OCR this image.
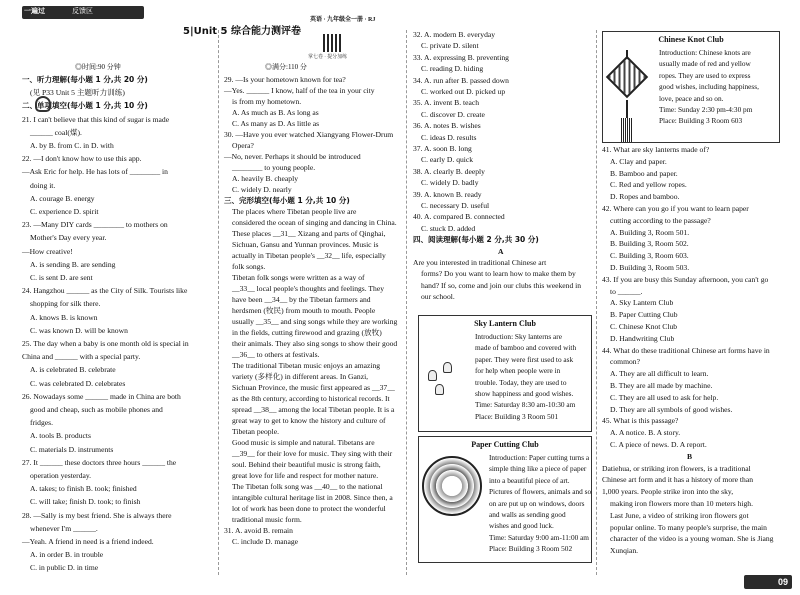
一遍过	反馈区
英语 · 九年级全一册 · RJ
5|Unit 5 综合能力测评卷
掌七卷 · 提分加练
◎时间:90 分钟	◎满分:110 分
一、听力理解(每小题 1 分,共 20 分)
(见 P33 Unit 5 主题听力训练)
二、单项填空(每小题 1 分,共 10 分)
21. I can't believe that this kind of sugar is made
______ coal(煤).
A. by B. from C. in D. with
22. —I don't know how to use this app.
—Ask Eric for help. He has lots of ________ in
doing it.
A. courage B. energy
C. experience D. spirit
23. —Many DIY cards ________ to mothers on
Mother's Day every year.
—How creative!
A. is sending B. are sending
C. is sent D. are sent
24. Hangzhou ______ as the City of Silk. Tourists like
shopping for silk there.
A. knows B. is known
C. was known D. will be known
25. The day when a baby is one month old is special in
China and ______ with a special party.
A. is celebrated B. celebrate
C. was celebrated D. celebrates
26. Nowadays some ______ made in China are both
good and cheap, such as mobile phones and
fridges.
A. tools B. products
C. materials D. instruments
27. It ______ these doctors three hours ______ the
operation yesterday.
A. takes; to finish B. took; finished
C. will take; finish D. took; to finish
28. —Sally is my best friend. She is always there
whenever I'm ______.
—Yeah. A friend in need is a friend indeed.
A. in order B. in trouble
C. in public D. in time
29. —Is your hometown known for tea?
—Yes. ______ I know, half of the tea in your city
is from my hometown.
A. As much as B. As long as
C. As many as D. As little as
30. —Have you ever watched Xiangyang Flower-Drum
Opera?
—No, never. Perhaps it should be introduced
________ to young people.
A. heavily B. cheaply
C. widely D. nearly
三、完形填空(每小题 1 分,共 10 分)
The places where Tibetan people live are
considered the ocean of singing and dancing in China.
These places __31__ Xizang and parts of Qinghai,
Sichuan, Gansu and Yunnan provinces. Music is
actually in Tibetan people's __32__ life, especially
folk songs.
Tibetan folk songs were written as a way of
__33__ local people's thoughts and feelings. They
have been __34__ by the Tibetan farmers and
herdsmen (牧民) from mouth to mouth. People
usually __35__ and sing songs while they are working
in the fields, cutting firewood and grazing (放牧)
their animals. They also sing songs to show their good
__36__ to others at festivals.
The traditional Tibetan music enjoys an amazing
variety (多样化) in different areas. In Ganzi,
Sichuan Province, the music first appeared as __37__
as the 8th century, according to historical records. It
spread __38__ among the local Tibetan people. It is a
great way to get to know the history and culture of
Tibetan people.
Good music is simple and natural. Tibetans are
__39__ for their love for music. They sing with their
soul. Behind their beautiful music is strong faith,
great love for life and respect for mother nature.
The Tibetan folk song was __40__ to the national
intangible cultural heritage list in 2008. Since then, a
lot of work has been done to protect the wonderful
traditional music form.
31. A. avoid B. remain
C. include D. manage
32. A. modern B. everyday
C. private D. silent
33. A. expressing B. preventing
C. reading D. hiding
34. A. run after B. passed down
C. worked out D. picked up
35. A. invent B. teach
C. discover D. create
36. A. notes B. wishes
C. ideas D. results
37. A. soon B. long
C. early D. quick
38. A. clearly B. deeply
C. widely D. badly
39. A. known B. ready
C. necessary D. useful
40. A. compared B. connected
C. stuck D. added
四、阅读理解(每小题 2 分,共 30 分)
A
Are you interested in traditional Chinese art
forms? Do you want to learn how to make them by
hand? If so, come and join our clubs this weekend in
our school.
41. What are sky lanterns made of?
A. Clay and paper.
B. Bamboo and paper.
C. Red and yellow ropes.
D. Ropes and bamboo.
42. Where can you go if you want to learn paper
cutting according to the passage?
A. Building 3, Room 501.
B. Building 3, Room 502.
C. Building 3, Room 603.
D. Building 3, Room 503.
43. If you are busy this Sunday afternoon, you can't go
to ______.
A. Sky Lantern Club
B. Paper Cutting Club
C. Chinese Knot Club
D. Handwriting Club
44. What do these traditional Chinese art forms have in
common?
A. They are all difficult to learn.
B. They are all made by machine.
C. They are all used to ask for help.
D. They are all symbols of good wishes.
45. What is this passage?
A. A notice. B. A story.
C. A piece of news. D. A report.
B
Datiehua, or striking iron flowers, is a traditional
Chinese art form and it has a history of more than
1,000 years. People strike iron into the sky,
making iron flowers more than 10 meters high.
Last June, a video of striking iron flowers got
popular online. To many people's surprise, the main
character of the video is a young woman. She is Jiang
Xunqian.
Sky Lantern Club
Introduction: Sky lanterns are
made of bamboo and covered with
paper. They were first used to ask
for help when people were in
trouble. Today, they are used to
show happiness and good wishes.
Time: Saturday 8:30 am-10:30 am
Place: Building 3 Room 501
Paper Cutting Club
Introduction: Paper cutting turns a
simple thing like a piece of paper
into a beautiful piece of art.
Pictures of flowers, animals and so
on are put up on windows, doors
and walls as sending good
wishes and good luck.
Time: Saturday 9:00 am-11:00 am
Place: Building 3 Room 502
Chinese Knot Club
Introduction: Chinese knots are
usually made of red and yellow
ropes. They are used to express
good wishes, including happiness,
love, peace and so on.
Time: Sunday 2:30 pm-4:30 pm
Place: Building 3 Room 603
09
